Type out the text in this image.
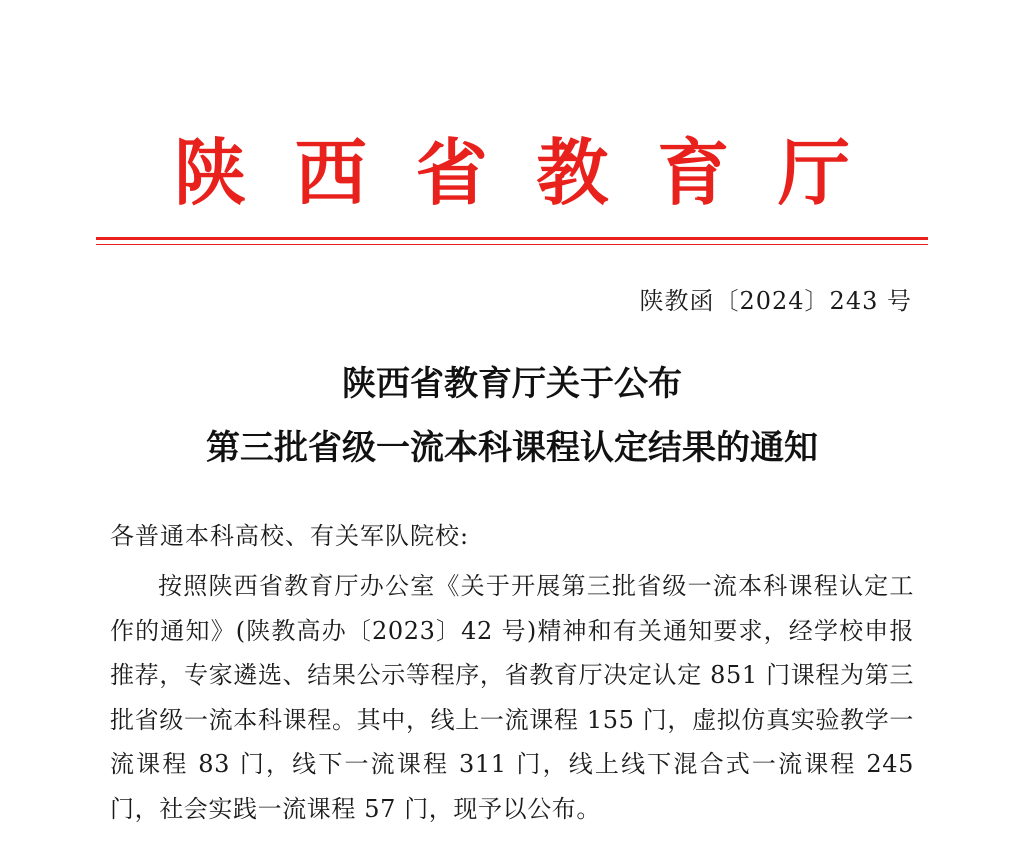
陕 西 省 教 育 厅
陕教函〔2024〕243 号
陕西省教育厅关于公布
第三批省级一流本科课程认定结果的通知
各普通本科高校、有关军队院校:

按照陕西省教育厅办公室《关于开展第三批省级一流本科课程认定工作的通知》(陕教高办〔2023〕42 号)精神和有关通知要求，经学校申报推荐，专家遴选、结果公示等程序，省教育厅决定认定 851 门课程为第三批省级一流本科课程。其中，线上一流课程 155 门，虚拟仿真实验教学一流课程 83 门，线下一流课程 311 门，线上线下混合式一流课程 245 门，社会实践一流课程 57 门，现予以公布。
